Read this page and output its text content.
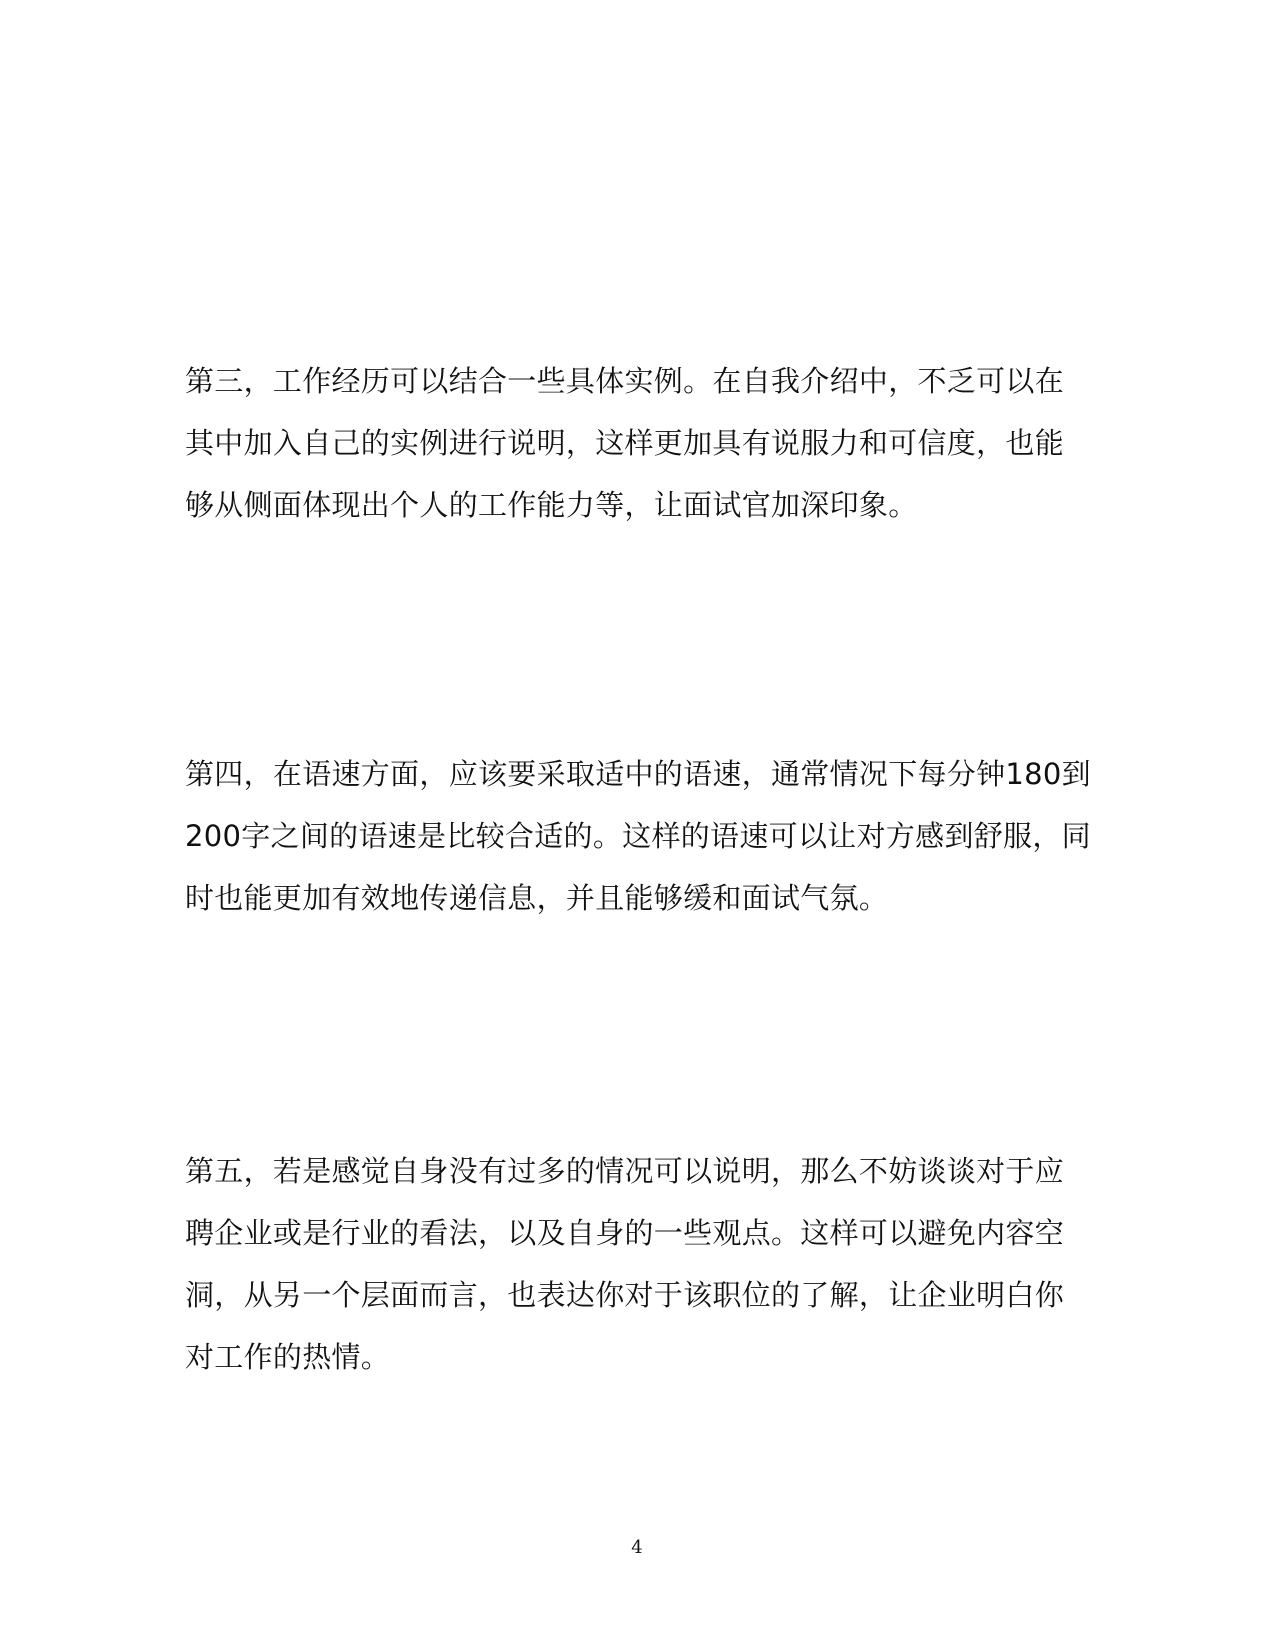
第三，工作经历可以结合一些具体实例。在自我介绍中，不乏可以在
其中加入自己的实例进行说明，这样更加具有说服力和可信度，也能
够从侧面体现出个人的工作能力等，让面试官加深印象。

第四，在语速方面，应该要采取适中的语速，通常情况下每分钟180到
200字之间的语速是比较合适的。这样的语速可以让对方感到舒服，同
时也能更加有效地传递信息，并且能够缓和面试气氛。

第五，若是感觉自身没有过多的情况可以说明，那么不妨谈谈对于应
聘企业或是行业的看法，以及自身的一些观点。这样可以避免内容空
洞，从另一个层面而言，也表达你对于该职位的了解，让企业明白你
对工作的热情。

4
